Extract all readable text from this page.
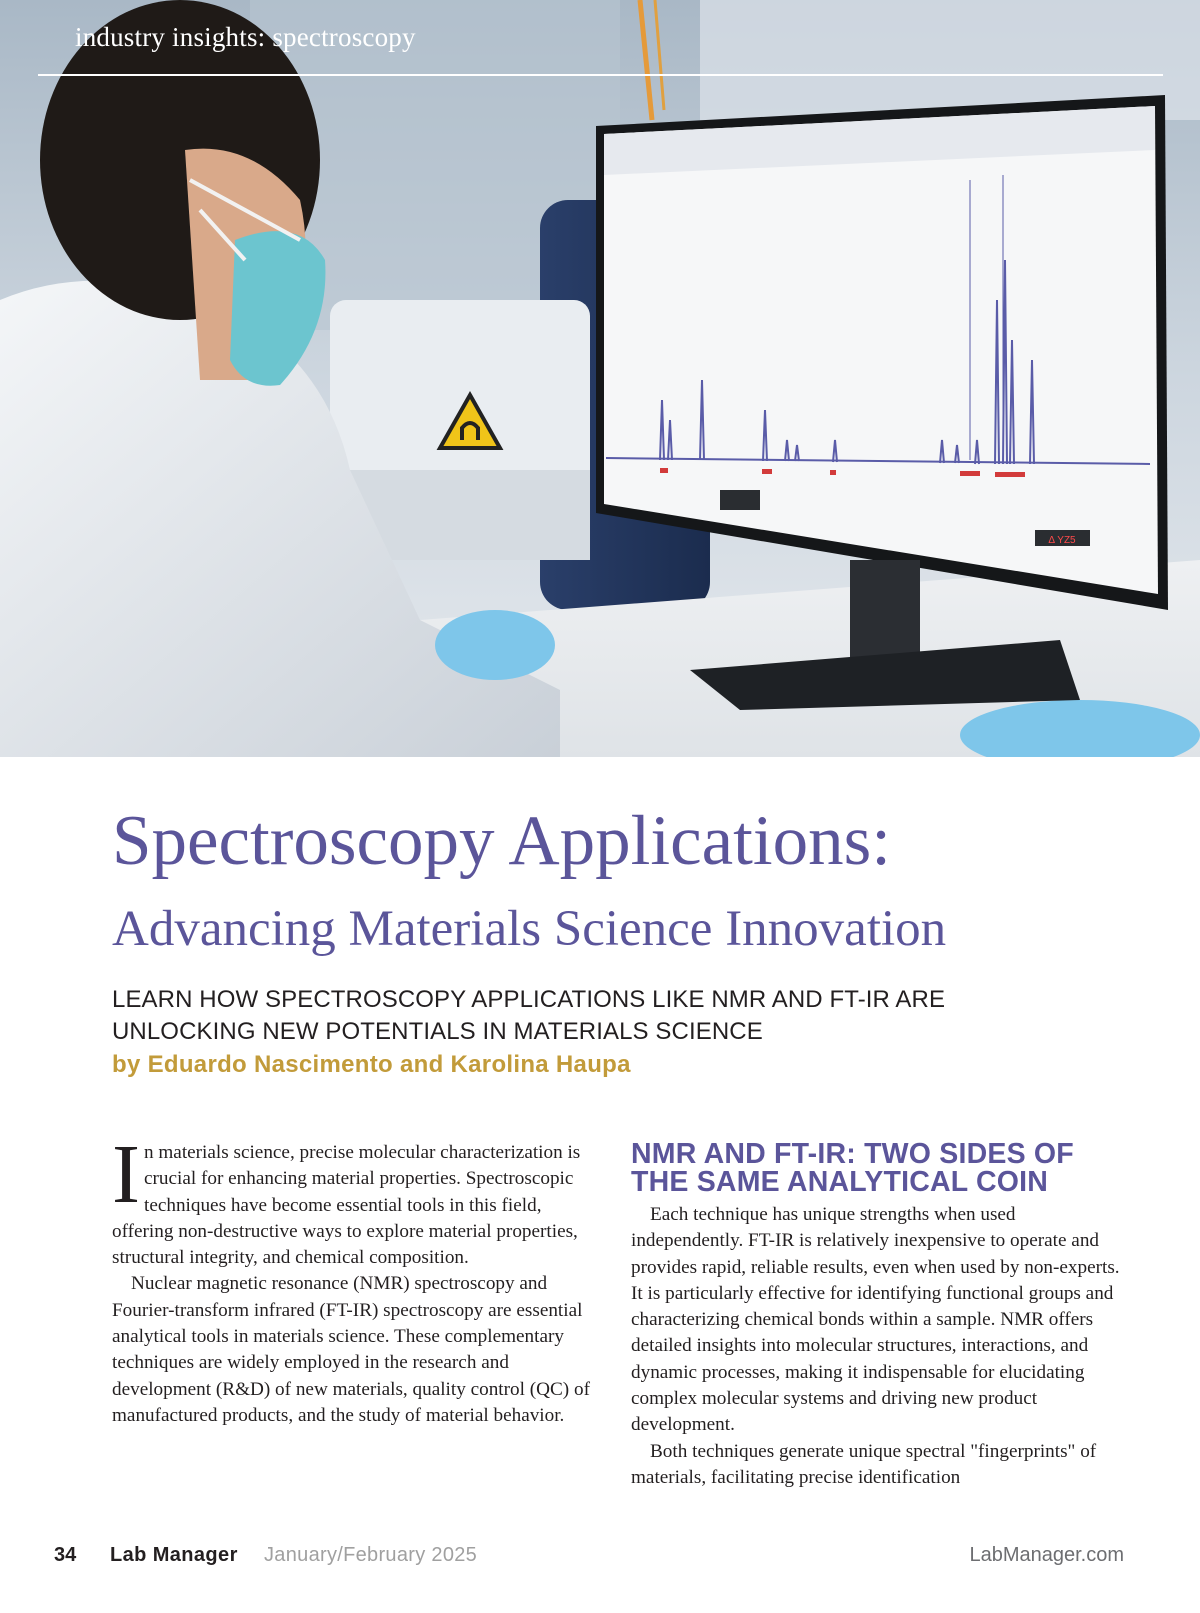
Δ YZ5
industry insights: spectroscopy
Spectroscopy Applications:
Advancing Materials Science Innovation
LEARN HOW SPECTROSCOPY APPLICATIONS LIKE NMR AND FT-IR ARE
UNLOCKING NEW POTENTIALS IN MATERIALS SCIENCE
by Eduardo Nascimento and Karolina Haupa

In materials science, precise molecular characterization is crucial for enhancing material properties. Spectroscopic techniques have become essential tools in this field, offering non-destructive ways to explore material properties, structural integrity, and chemical composition.

Nuclear magnetic resonance (NMR) spectroscopy and Fourier-transform infrared (FT-IR) spectroscopy are essential analytical tools in materials science. These complementary techniques are widely employed in the research and development (R&D) of new materials, quality control (QC) of manufactured products, and the study of material behavior.

NMR AND FT-IR: TWO SIDES OF THE SAME ANALYTICAL COIN

Each technique has unique strengths when used independently. FT-IR is relatively inexpensive to operate and provides rapid, reliable results, even when used by non-experts. It is particularly effective for identifying functional groups and characterizing chemical bonds within a sample. NMR offers detailed insights into molecular structures, interactions, and dynamic processes, making it indispensable for elucidating complex molecular systems and driving new product development.

Both techniques generate unique spectral "fingerprints" of materials, facilitating precise identification

34 Lab Manager January/February 2025	LabManager.com
